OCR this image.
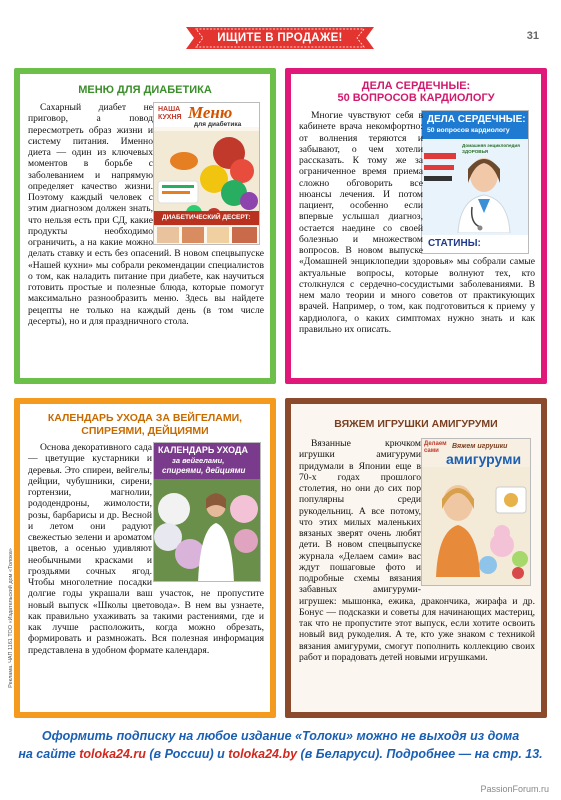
ИЩИТЕ В ПРОДАЖЕ!	31
Реклама. ЧАП 1161 ТОО «Издательский дом «Толока»
МЕНЮ ДЛЯ ДИАБЕТИКА
НАША КУХНЯ Меню
для диабетика
ДИАБЕТИЧЕСКИЙ ДЕСЕРТ:

Сахарный диабет не приговор, а повод пересмотреть образ жизни и систему питания. Именно диета — один из ключевых моментов в борьбе с заболеванием и напрямую определяет качество жизни. Поэтому каждый человек с этим диагнозом должен знать, что нельзя есть при СД, какие продукты необходимо ограничить, а на какие можно делать ставку и есть без опасений. В новом спецвыпуске «Нашей кухни» мы собрали рекомендации специалистов о том, как наладить питание при диабете, как научиться готовить простые и полезные блюда, которые помогут максимально разнообразить меню. Здесь вы найдете рецепты не только на каждый день (в том числе десерты), но и для праздничного стола.

ДЕЛА СЕРДЕЧНЫЕ:
50 ВОПРОСОВ КАРДИОЛОГУ
ДЕЛА СЕРДЕЧНЫЕ:
50 вопросов кардиологу
Домашняя энциклопедия ЗДОРОВЬЯ
СТАТИНЫ:

Многие чувствуют себя в кабинете врача некомфортно: от волнения теряются и забывают, о чем хотели рассказать. К тому же за ограниченное время приема сложно обговорить все нюансы лечения. И потом пациент, особенно если впервые услышал диагноз, остается наедине со своей болезнью и множеством вопросов. В новом выпуске «Домашней энциклопедии здоровья» мы собрали самые актуальные вопросы, которые волнуют тех, кто столкнулся с сердечно-сосудистыми заболеваниями. В нем мало теории и много советов от практикующих врачей. Например, о том, как подготовиться к приему у кардиолога, о каких симптомах нужно знать и как правильно их описать.

КАЛЕНДАРЬ УХОДА ЗА ВЕЙГЕЛАМИ,
СПИРЕЯМИ, ДЕЙЦИЯМИ
КАЛЕНДАРЬ УХОДА
за вейгелами,
спиреями, дейциями

Основа декоративного сада — цветущие кустарники и деревья. Это спиреи, вейгелы, дейции, чубушники, сирени, гортензии, магнолии, рододендроны, жимолости, розы, барбарисы и др. Весной и летом они радуют свежестью зелени и ароматом цветов, а осенью удивляют необычными красками и гроздьями сочных ягод. Чтобы многолетние посадки долгие годы украшали ваш участок, не пропустите новый выпуск «Школы цветовода». В нем вы узнаете, как правильно ухаживать за такими растениями, где и как лучше расположить, когда можно обрезать, формировать и размножать. Вся полезная информация представлена в удобном формате календаря.

ВЯЖЕМ ИГРУШКИ АМИГУРУМИ
Делаем сами
Вяжем игрушки
амигуруми

Вязанные крючком игрушки амигуруми придумали в Японии еще в 70-х годах прошлого столетия, но они до сих пор популярны среди рукодельниц. А все потому, что этих милых маленьких вязаных зверят очень любят дети. В новом спецвыпуске журнала «Делаем сами» вас ждут пошаговые фото и подробные схемы вязания забавных амигуруми-игрушек: мышонка, ежика, дракончика, жирафа и др. Бонус — подсказки и советы для начинающих мастериц, так что не пропустите этот выпуск, если хотите освоить новый вид рукоделия. А те, кто уже знаком с техникой вязания амигуруми, смогут пополнить коллекцию своих работ и порадовать детей новыми игрушками.

Оформить подписку на любое издание «Толоки» можно не выходя из дома
на сайте toloka24.ru (в России) и toloka24.by (в Беларуси). Подробнее — на стр. 13.
PassionForum.ru
